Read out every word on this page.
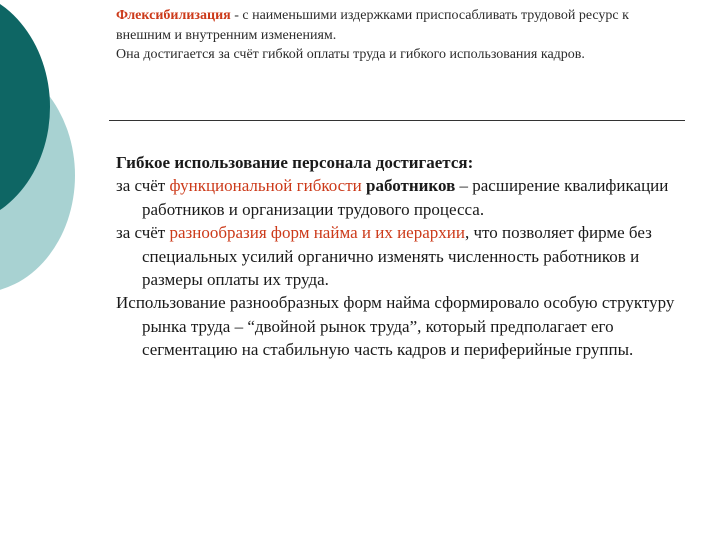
Флексибилизация - с наименьшими издержками приспосабливать трудовой ресурс к внешним и внутренним изменениям.
Она достигается за счёт гибкой оплаты труда и гибкого использования кадров.

Гибкое использование персонала достигается:

за счёт функциональной гибкости работников – расширение квалификации работников и организации трудового процесса.

за счёт разнообразия форм найма и их иерархии, что позволяет фирме без специальных усилий органично изменять численность работников и размеры оплаты их труда.

Использование разнообразных форм найма сформировало особую структуру рынка труда – “двойной рынок труда”, который предполагает его сегментацию на стабильную часть кадров и периферийные группы.
